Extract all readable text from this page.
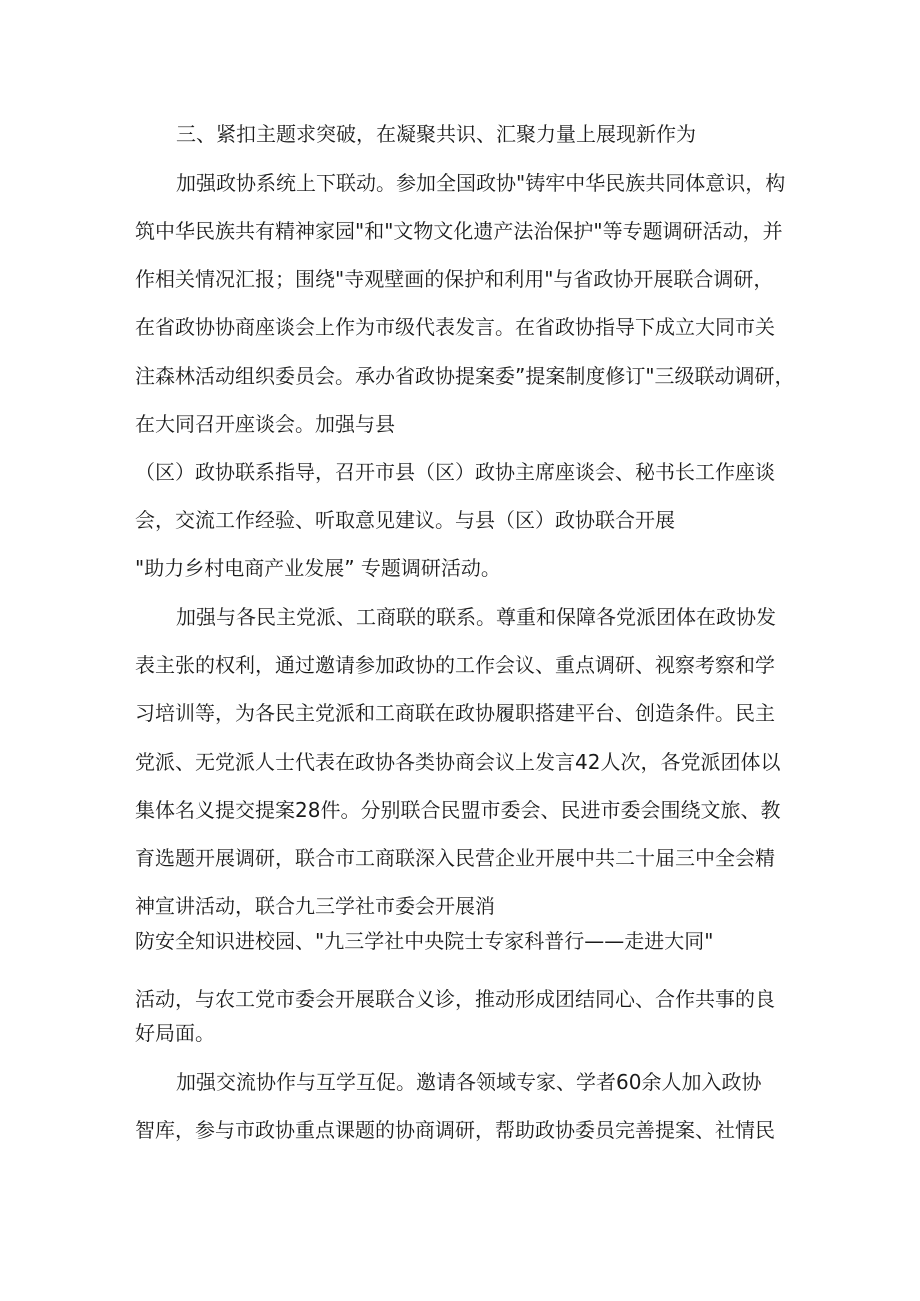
三、紧扣主题求突破，在凝聚共识、汇聚力量上展现新作为
加强政协系统上下联动。参加全国政协"铸牢中华民族共同体意识，构
筑中华民族共有精神家园"和"文物文化遗产法治保护"等专题调研活动，并
作相关情况汇报；围绕"寺观壁画的保护和利用"与省政协开展联合调研，
在省政协协商座谈会上作为市级代表发言。在省政协指导下成立大同市关
注森林活动组织委员会。承办省政协提案委”提案制度修订"三级联动调研，
在大同召开座谈会。加强与县
（区）政协联系指导，召开市县（区）政协主席座谈会、秘书长工作座谈
会，交流工作经验、听取意见建议。与县（区）政协联合开展
"助力乡村电商产业发展” 专题调研活动。
加强与各民主党派、工商联的联系。尊重和保障各党派团体在政协发
表主张的权利，通过邀请参加政协的工作会议、重点调研、视察考察和学
习培训等，为各民主党派和工商联在政协履职搭建平台、创造条件。民主
党派、无党派人士代表在政协各类协商会议上发言42人次，各党派团体以
集体名义提交提案28件。分别联合民盟市委会、民进市委会围绕文旅、教
育选题开展调研，联合市工商联深入民营企业开展中共二十届三中全会精
神宣讲活动，联合九三学社市委会开展消
防安全知识进校园、"九三学社中央院士专家科普行——走进大同"
活动，与农工党市委会开展联合义诊，推动形成团结同心、合作共事的良
好局面。
加强交流协作与互学互促。邀请各领域专家、学者60余人加入政协
智库，参与市政协重点课题的协商调研，帮助政协委员完善提案、社情民
